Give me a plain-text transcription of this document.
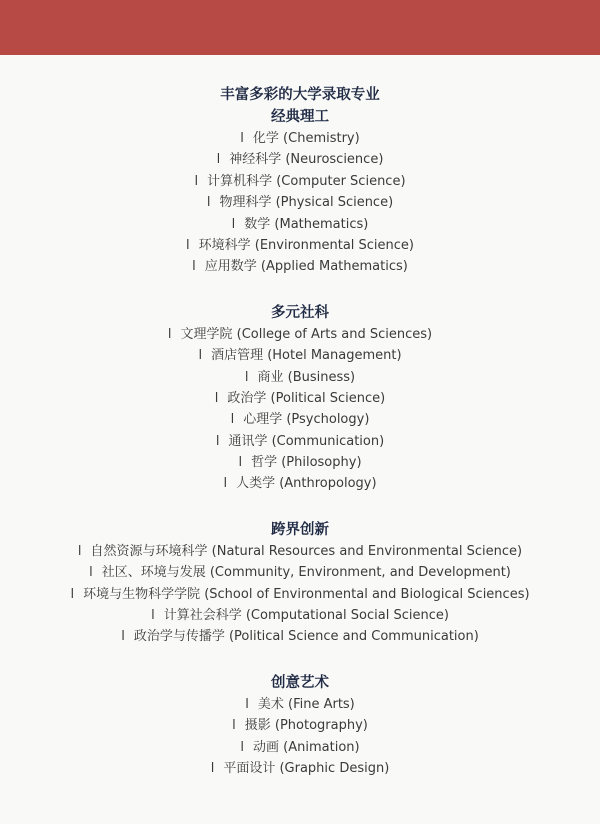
丰富多彩的大学录取专业
经典理工
l 化学 (Chemistry)
l 神经科学 (Neuroscience)
l 计算机科学 (Computer Science)
l 物理科学 (Physical Science)
l 数学 (Mathematics)
l 环境科学 (Environmental Science)
l 应用数学 (Applied Mathematics)
多元社科
l 文理学院 (College of Arts and Sciences)
l 酒店管理 (Hotel Management)
l 商业 (Business)
l 政治学 (Political Science)
l 心理学 (Psychology)
l 通讯学 (Communication)
l 哲学 (Philosophy)
l 人类学 (Anthropology)
跨界创新
l 自然资源与环境科学 (Natural Resources and Environmental Science)
l 社区、环境与发展 (Community, Environment, and Development)
l 环境与生物科学学院 (School of Environmental and Biological Sciences)
l 计算社会科学 (Computational Social Science)
l 政治学与传播学 (Political Science and Communication)
创意艺术
l 美术 (Fine Arts)
l 摄影 (Photography)
l 动画 (Animation)
l 平面设计 (Graphic Design)
